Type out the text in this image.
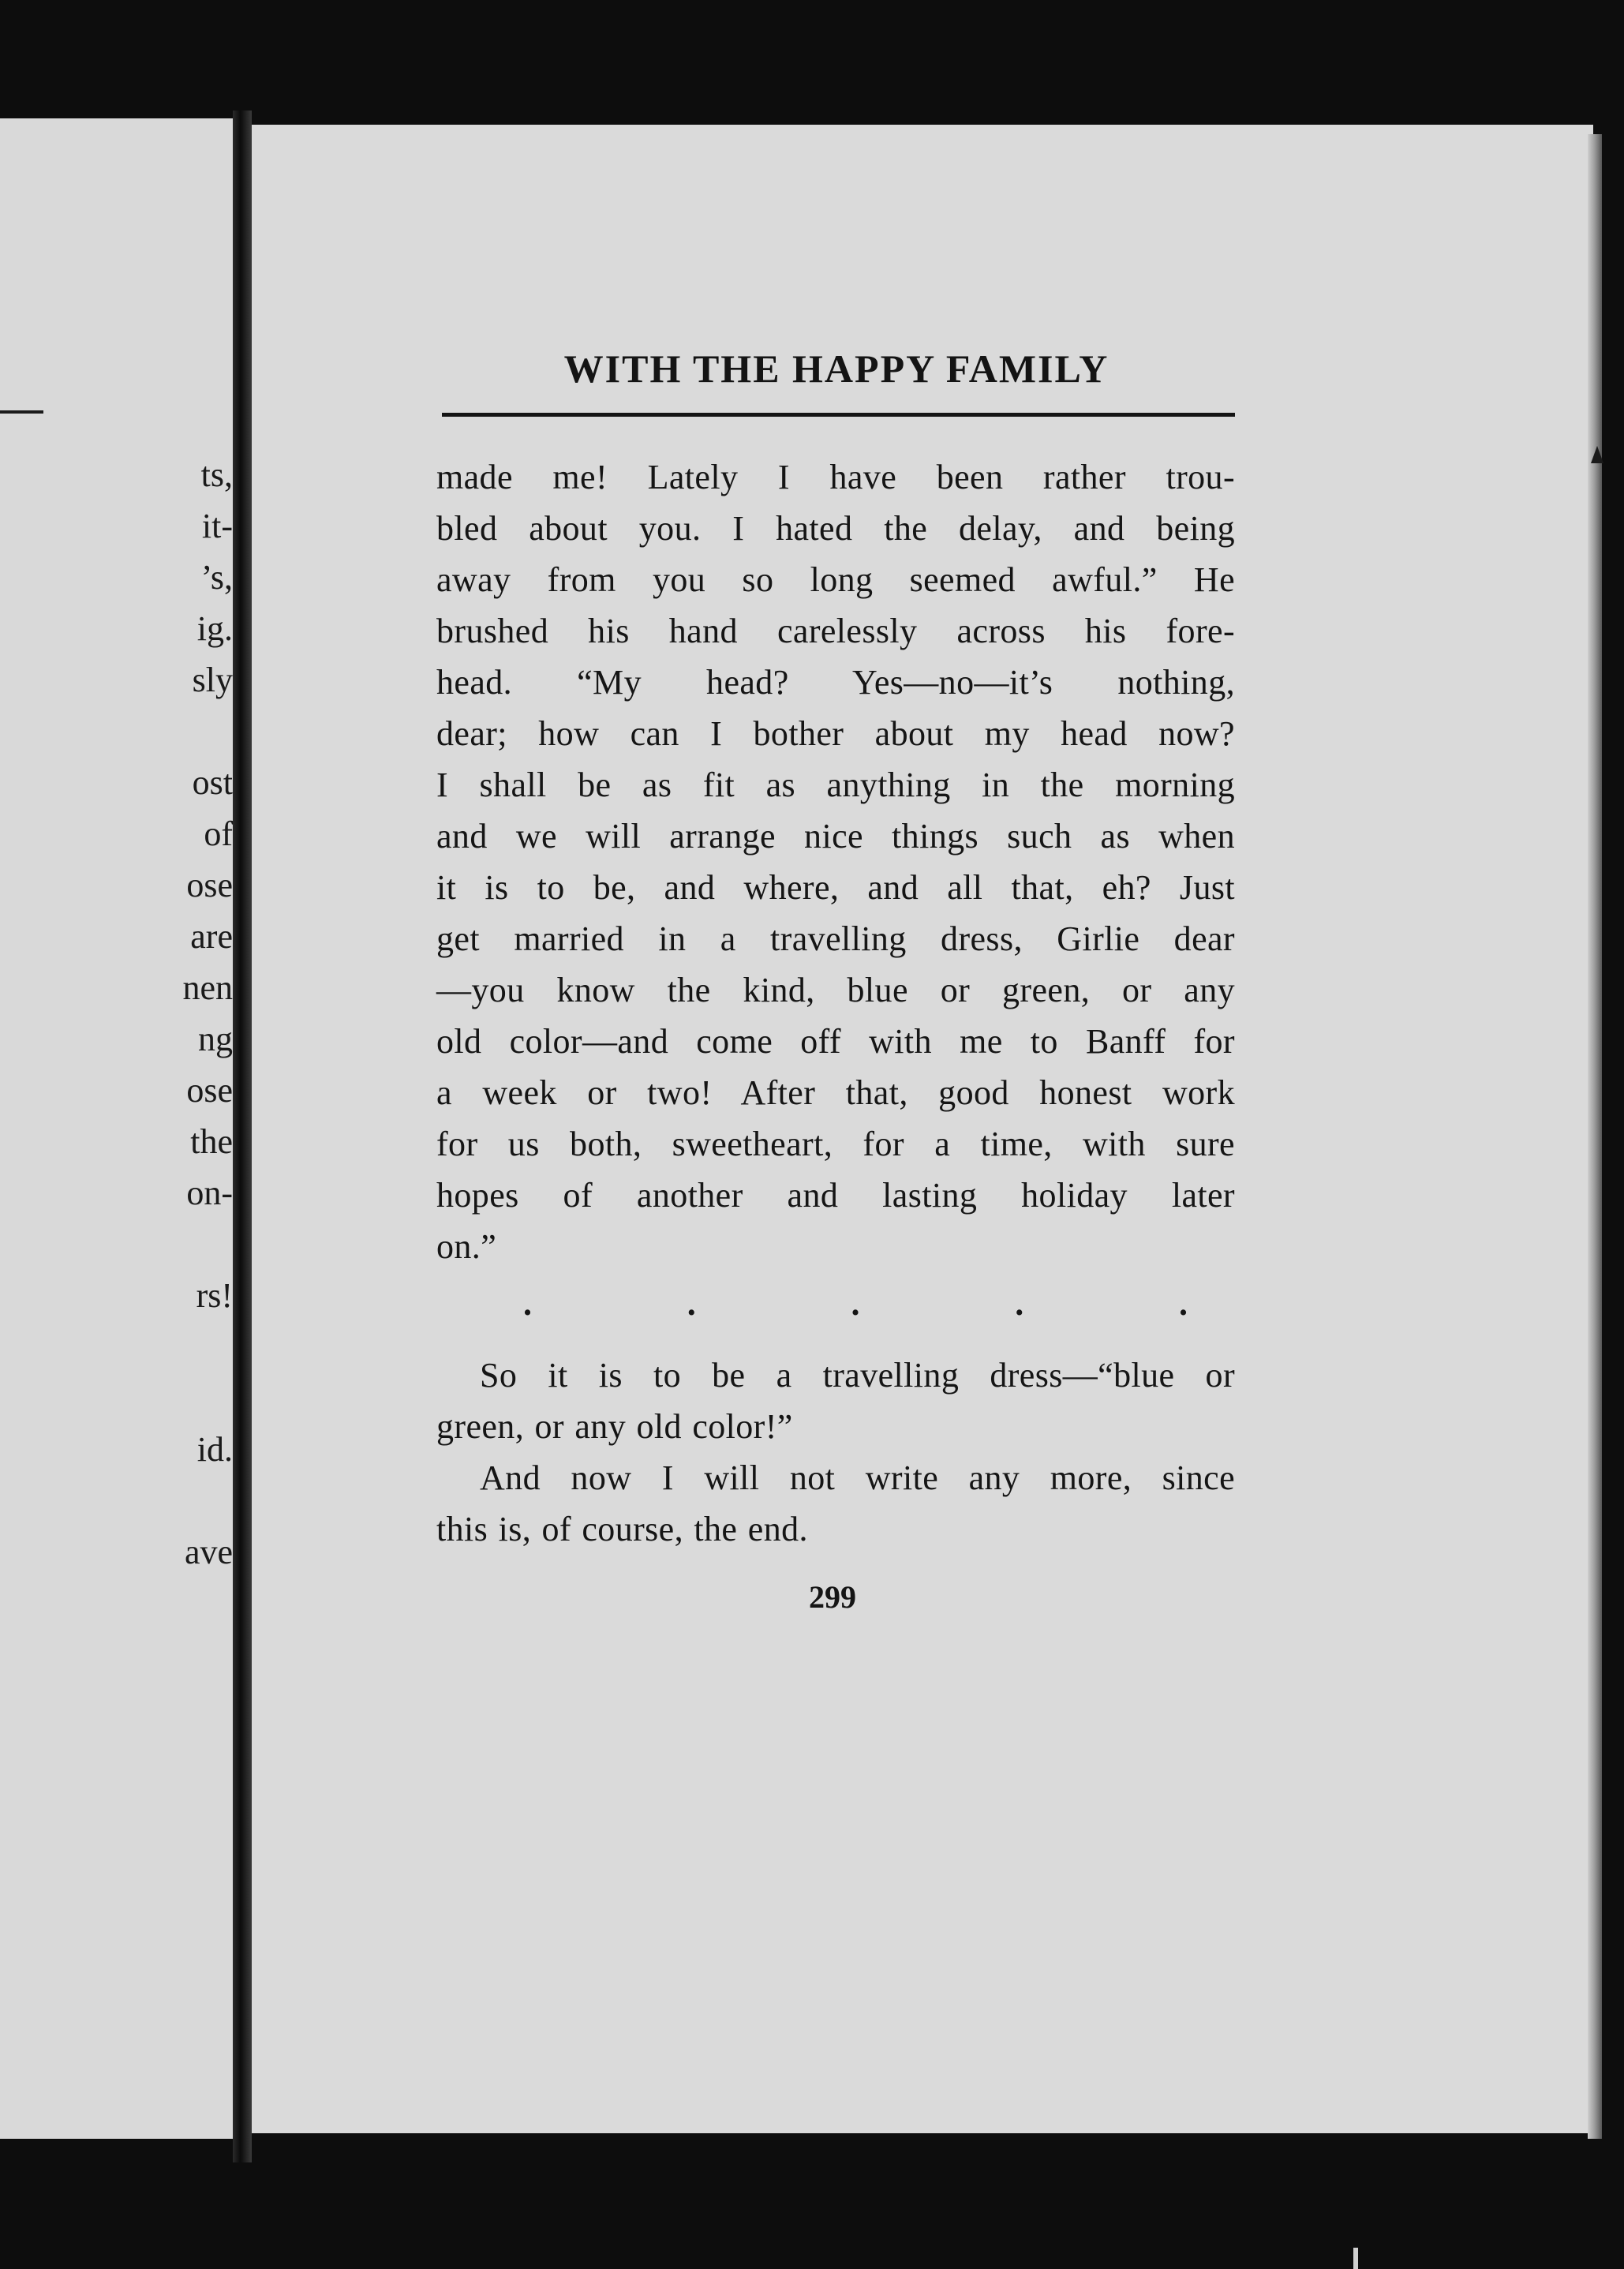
ts,
it-
’s,
ig.
sly
ost
of
ose
are
nen
ng
ose
the
on-
rs!
id.
ave
WITH THE HAPPY FAMILY
made me! Lately I have been rather trou-
bled about you. I hated the delay, and being
away from you so long seemed awful.” He
brushed his hand carelessly across his fore-
head. “My head? Yes—no—it’s nothing,
dear; how can I bother about my head now?
I shall be as fit as anything in the morning
and we will arrange nice things such as when
it is to be, and where, and all that, eh? Just
get married in a travelling dress, Girlie dear
—you know the kind, blue or green, or any
old color—and come off with me to Banff for
a week or two! After that, good honest work
for us both, sweetheart, for a time, with sure
hopes of another and lasting holiday later
on.”
.	.	.	.	.
So it is to be a travelling dress—“blue or
green, or any old color!”
And now I will not write any more, since
this is, of course, the end.
299
